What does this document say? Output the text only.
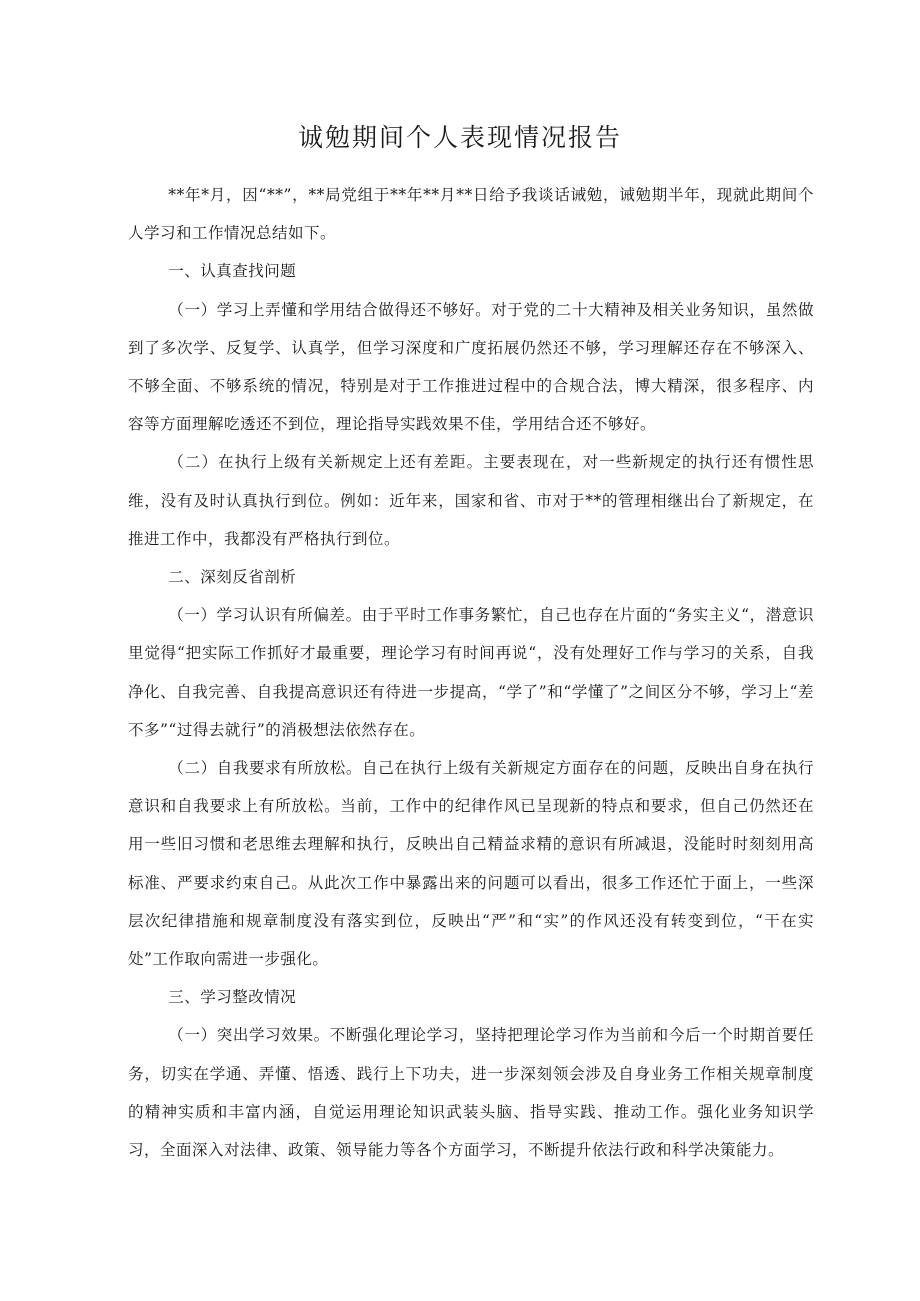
诚勉期间个人表现情况报告

**年*月，因“**”，**局党组于**年**月**日给予我谈话诫勉，诫勉期半年，现就此期间个人学习和工作情况总结如下。

一、认真查找问题

（一）学习上弄懂和学用结合做得还不够好。对于党的二十大精神及相关业务知识，虽然做到了多次学、反复学、认真学，但学习深度和广度拓展仍然还不够，学习理解还存在不够深入、不够全面、不够系统的情况，特别是对于工作推进过程中的合规合法，博大精深，很多程序、内容等方面理解吃透还不到位，理论指导实践效果不佳，学用结合还不够好。

（二）在执行上级有关新规定上还有差距。主要表现在，对一些新规定的执行还有惯性思维，没有及时认真执行到位。例如：近年来，国家和省、市对于**的管理相继出台了新规定，在推进工作中，我都没有严格执行到位。

二、深刻反省剖析

（一）学习认识有所偏差。由于平时工作事务繁忙，自己也存在片面的“务实主义“，潜意识里觉得“把实际工作抓好才最重要，理论学习有时间再说“，没有处理好工作与学习的关系，自我净化、自我完善、自我提高意识还有待进一步提高，“学了”和“学懂了”之间区分不够，学习上“差不多”“过得去就行”的消极想法依然存在。

（二）自我要求有所放松。自己在执行上级有关新规定方面存在的问题，反映出自身在执行意识和自我要求上有所放松。当前，工作中的纪律作风已呈现新的特点和要求，但自己仍然还在用一些旧习惯和老思维去理解和执行，反映出自己精益求精的意识有所减退，没能时时刻刻用高标准、严要求约束自己。从此次工作中暴露出来的问题可以看出，很多工作还忙于面上，一些深层次纪律措施和规章制度没有落实到位，反映出“严”和“实”的作风还没有转变到位，“干在实处”工作取向需进一步强化。

三、学习整改情况

（一）突出学习效果。不断强化理论学习，坚持把理论学习作为当前和今后一个时期首要任务，切实在学通、弄懂、悟透、践行上下功夫，进一步深刻领会涉及自身业务工作相关规章制度的精神实质和丰富内涵，自觉运用理论知识武装头脑、指导实践、推动工作。强化业务知识学习，全面深入对法律、政策、领导能力等各个方面学习，不断提升依法行政和科学决策能力。
